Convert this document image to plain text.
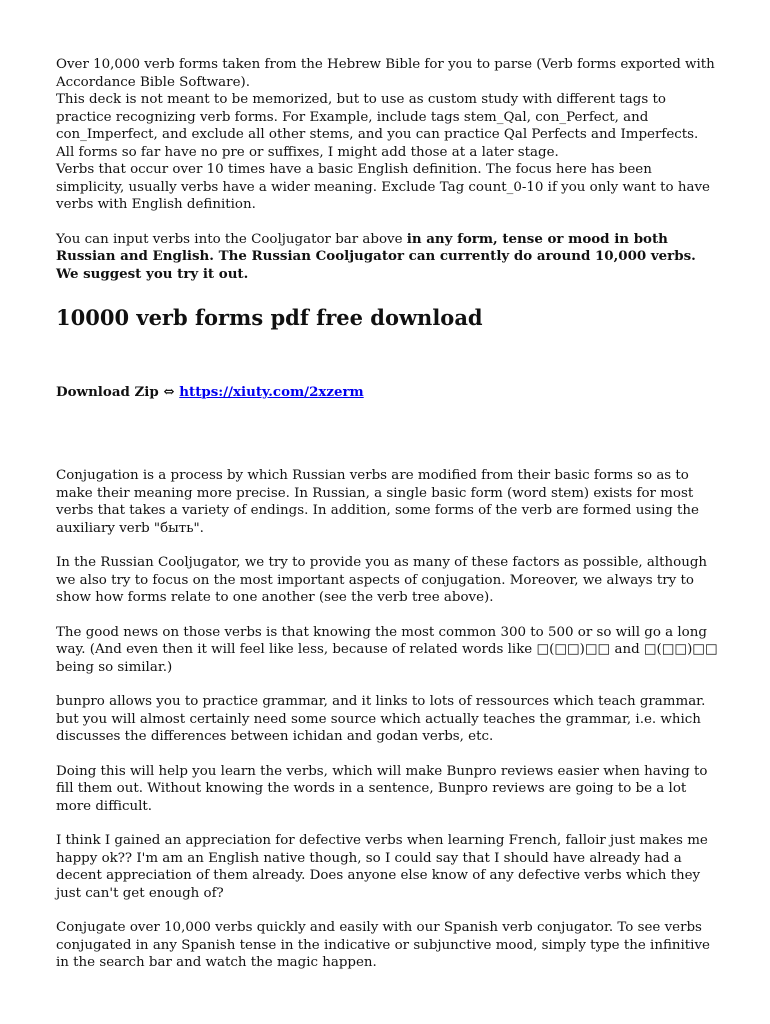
Over 10,000 verb forms taken from the Hebrew Bible for you to parse (Verb forms exported with Accordance Bible Software).

This deck is not meant to be memorized, but to use as custom study with different tags to practice recognizing verb forms. For Example, include tags stem_Qal, con_Perfect, and con_Imperfect, and exclude all other stems, and you can practice Qal Perfects and Imperfects. All forms so far have no pre or suffixes, I might add those at a later stage.

Verbs that occur over 10 times have a basic English definition. The focus here has been simplicity, usually verbs have a wider meaning. Exclude Tag count_0-10 if you only want to have verbs with English definition.

You can input verbs into the Cooljugator bar above in any form, tense or mood in both Russian and English. The Russian Cooljugator can currently do around 10,000 verbs. We suggest you try it out.

10000 verb forms pdf free download

Download Zip ⇔ https://xiuty.com/2xzerm

Conjugation is a process by which Russian verbs are modified from their basic forms so as to make their meaning more precise. In Russian, a single basic form (word stem) exists for most verbs that takes a variety of endings. In addition, some forms of the verb are formed using the auxiliary verb "быть".

In the Russian Cooljugator, we try to provide you as many of these factors as possible, although we also try to focus on the most important aspects of conjugation. Moreover, we always try to show how forms relate to one another (see the verb tree above).

The good news on those verbs is that knowing the most common 300 to 500 or so will go a long way. (And even then it will feel like less, because of related words like □(□□)□□ and □(□□)□□ being so similar.)

bunpro allows you to practice grammar, and it links to lots of ressources which teach grammar. but you will almost certainly need some source which actually teaches the grammar, i.e. which discusses the differences between ichidan and godan verbs, etc.

Doing this will help you learn the verbs, which will make Bunpro reviews easier when having to fill them out. Without knowing the words in a sentence, Bunpro reviews are going to be a lot more difficult.

I think I gained an appreciation for defective verbs when learning French, falloir just makes me happy ok?? I'm am an English native though, so I could say that I should have already had a decent appreciation of them already. Does anyone else know of any defective verbs which they just can't get enough of?

Conjugate over 10,000 verbs quickly and easily with our Spanish verb conjugator. To see verbs conjugated in any Spanish tense in the indicative or subjunctive mood, simply type the infinitive in the search bar and watch the magic happen.
